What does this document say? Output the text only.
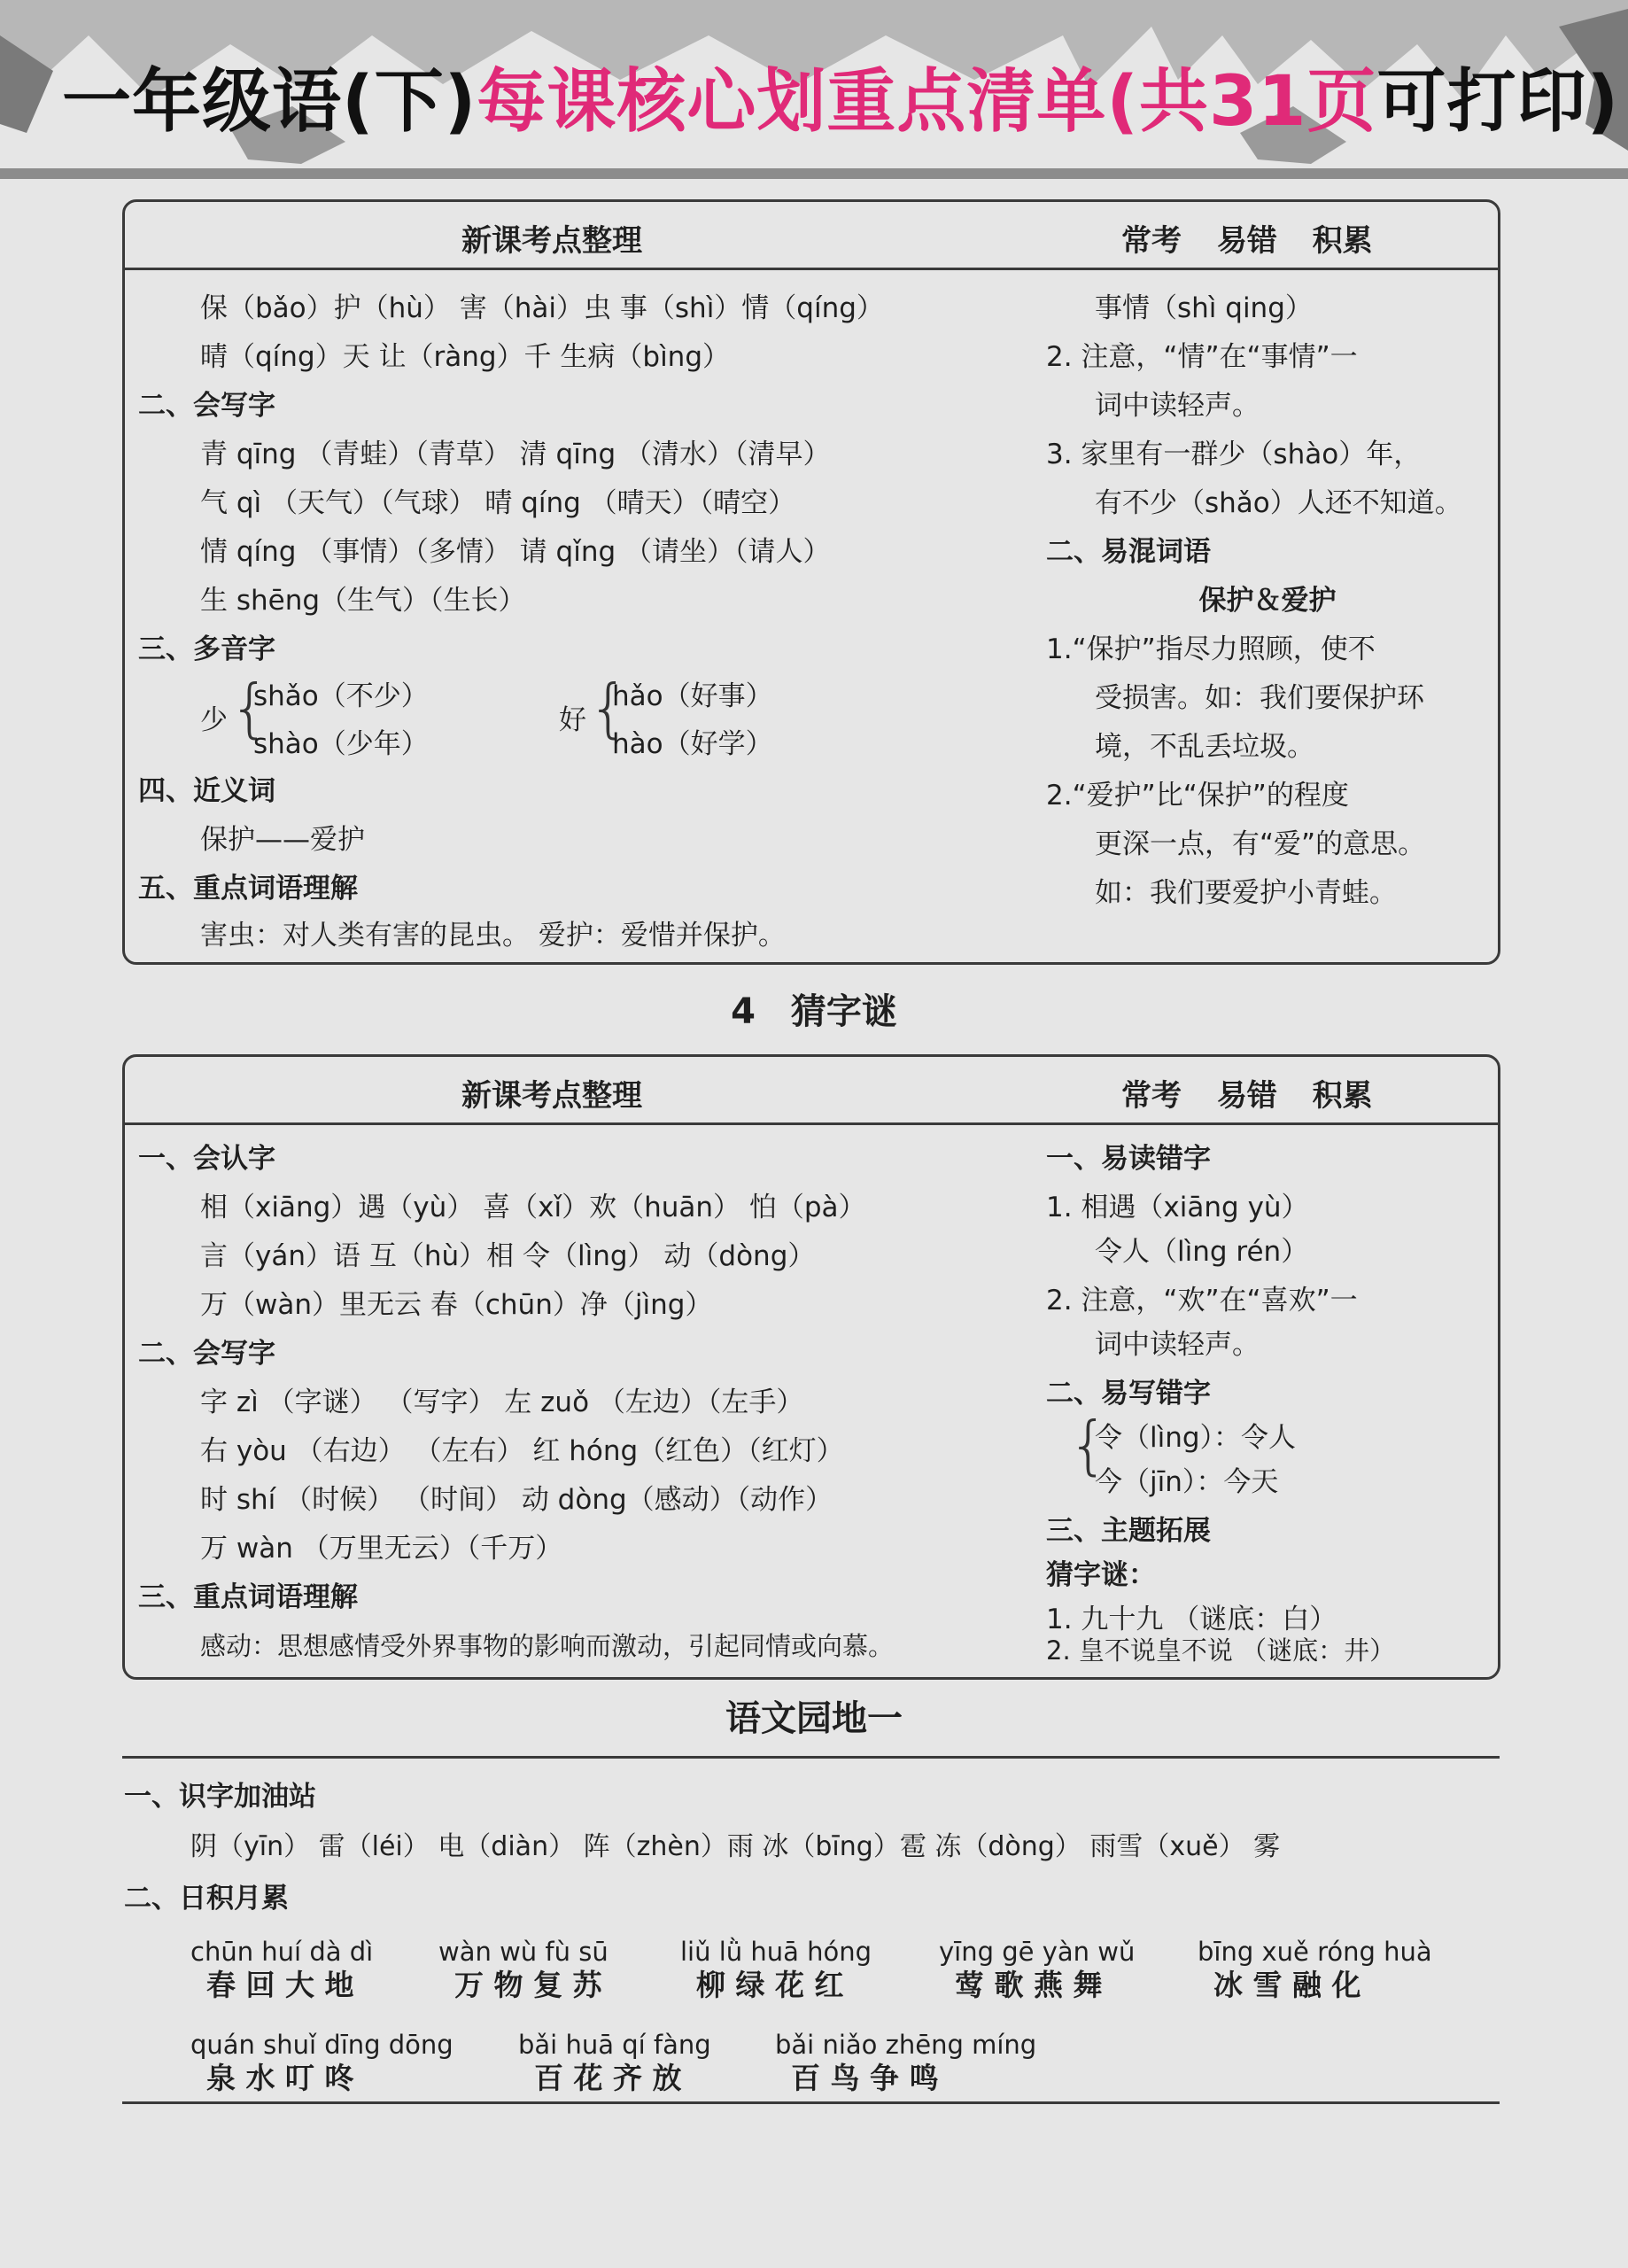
一年级语(下)每课核心划重点清单(共31页可打印)
新课考点整理	常考 易错 积累
保（bǎo）护（hù） 害（hài）虫 事（shì）情（qíng）
晴（qíng）天 让（ràng）千 生病（bìng）
二、会写字
青 qīng （青蛙）（青草） 清 qīng （清水）（清早）
气 qì （天气）（气球） 晴 qíng （晴天）（晴空）
情 qíng （事情）（多情） 请 qǐng （请坐）（请人）
生 shēng（生气）（生长）
三、多音字
少 {
shǎo（不少）
shào（少年）
好 {
hǎo（好事）
hào（好学）
四、近义词
保护——爱护
五、重点词语理解
害虫：对人类有害的昆虫。 爱护：爱惜并保护。
事情（shì qing）
2. 注意，“情”在“事情”一
词中读轻声。
3. 家里有一群少（shào）年，
有不少（shǎo）人还不知道。
二、易混词语
保护＆爱护
1.“保护”指尽力照顾，使不
受损害。如：我们要保护环
境，不乱丢垃圾。
2.“爱护”比“保护”的程度
更深一点，有“爱”的意思。
如：我们要爱护小青蛙。
4　猜字谜
新课考点整理	常考 易错 积累
一、会认字
相（xiāng）遇（yù） 喜（xǐ）欢（huān） 怕（pà）
言（yán）语 互（hù）相 令（lìng） 动（dòng）
万（wàn）里无云 春（chūn）净（jìng）
二、会写字
字 zì （字谜） （写字） 左 zuǒ （左边）（左手）
右 yòu （右边） （左右） 红 hóng（红色）（红灯）
时 shí （时候） （时间） 动 dòng（感动）（动作）
万 wàn （万里无云）（千万）
三、重点词语理解
感动：思想感情受外界事物的影响而激动，引起同情或向慕。
一、易读错字
1. 相遇（xiāng yù）
令人（lìng rén）
2. 注意，“欢”在“喜欢”一
词中读轻声。
二、易写错字
{
令（lìng）：令人
今（jīn）：今天
三、主题拓展
猜字谜：
1. 九十九 （谜底：白）
2. 皇不说皇不说 （谜底：井）
语文园地一
一、识字加油站
阴（yīn） 雷（léi） 电（diàn） 阵（zhèn）雨 冰（bīng）雹 冻（dòng） 雨雪（xuě） 雾
二、日积月累
chūn huí dà dì
春 回 大 地
wàn wù fù sū
万 物 复 苏
liǔ lǜ huā hóng
柳 绿 花 红
yīng gē yàn wǔ
莺 歌 燕 舞
bīng xuě róng huà
冰 雪 融 化
quán shuǐ dīng dōng
泉 水 叮 咚
bǎi huā qí fàng
百 花 齐 放
bǎi niǎo zhēng míng
百 鸟 争 鸣
